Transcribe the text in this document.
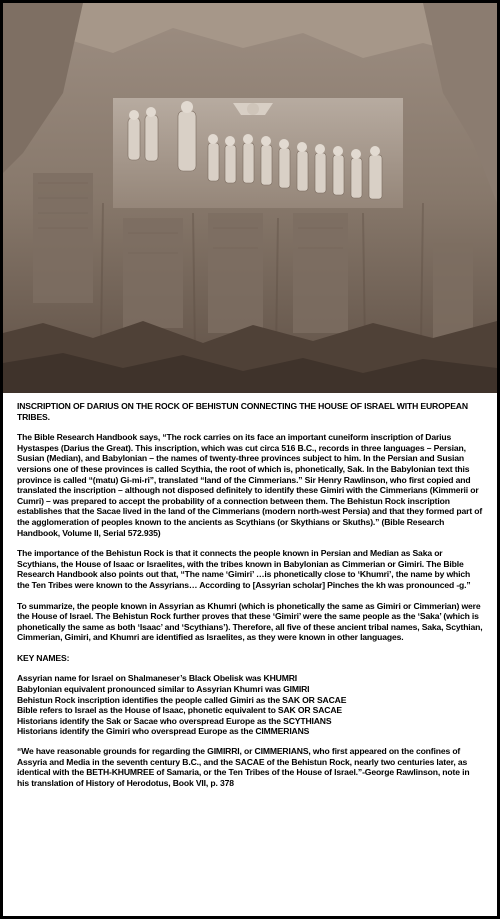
INSCRIPTION OF DARIUS ON THE ROCK OF BEHISTUN CONNECTING THE HOUSE OF ISRAEL WITH EUROPEAN TRIBES.

The Bible Research Handbook says, “The rock carries on its face an important cuneiform inscription of Darius Hystaspes (Darius the Great). This inscription, which was cut circa 516 B.C., records in three languages – Persian, Susian (Median), and Babylonian – the names of twenty-three provinces subject to him. In the Persian and Susian versions one of these provinces is called Scythia, the root of which is, phonetically, Sak. In the Babylonian text this province is called “(matu) Gi-mi-ri”, translated “land of the Cimmerians.” Sir Henry Rawlinson, who first copied and translated the inscription – although not disposed definitely to identify these Gimiri with the Cimmerians (Kimmerii or Cumri) – was prepared to accept the probability of a connection between them. The Behistun Rock inscription establishes that the Sacae lived in the land of the Cimmerians (modern north-west Persia) and that they formed part of the agglomeration of peoples known to the ancients as Scythians (or Skythians or Skuths).” (Bible Research Handbook, Volume II, Serial 572.935)

The importance of the Behistun Rock is that it connects the people known in Persian and Median as Saka or Scythians, the House of Isaac or Israelites, with the tribes known in Babylonian as Cimmerian or Gimiri. The Bible Research Handbook also points out that, “The name ‘Gimiri’ …is phonetically close to ‘Khumri’, the name by which the Ten Tribes were known to the Assyrians… According to [Assyrian scholar] Pinches the kh was pronounced -g.”

To summarize, the people known in Assyrian as Khumri (which is phonetically the same as Gimiri or Cimmerian) were the House of Israel. The Behistun Rock further proves that these ‘Gimiri’ were the same people as the ‘Saka’ (which is phonetically the same as both ‘Isaac’ and ‘Scythians’). Therefore, all five of these ancient tribal names, Saka, Scythian, Cimmerian, Gimiri, and Khumri are identified as Israelites, as they were known in other languages.

KEY NAMES:

Assyrian name for Israel on Shalmaneser’s Black Obelisk was KHUMRI
Babylonian equivalent pronounced similar to Assyrian Khumri was GIMIRI
Behistun Rock inscription identifies the people called Gimiri as the SAK OR SACAE
Bible refers to Israel as the House of Isaac, phonetic equivalent to SAK OR SACAE
Historians identify the Sak or Sacae who overspread Europe as the SCYTHIANS
Historians identify the Gimiri who overspread Europe as the CIMMERIANS

“We have reasonable grounds for regarding the GIMIRRI, or CIMMERIANS, who first appeared on the confines of Assyria and Media in the seventh century B.C., and the SACAE of the Behistun Rock, nearly two centuries later, as identical with the BETH-KHUMREE of Samaria, or the Ten Tribes of the House of Israel.”-George Rawlinson, note in his translation of History of Herodotus, Book VII, p. 378
